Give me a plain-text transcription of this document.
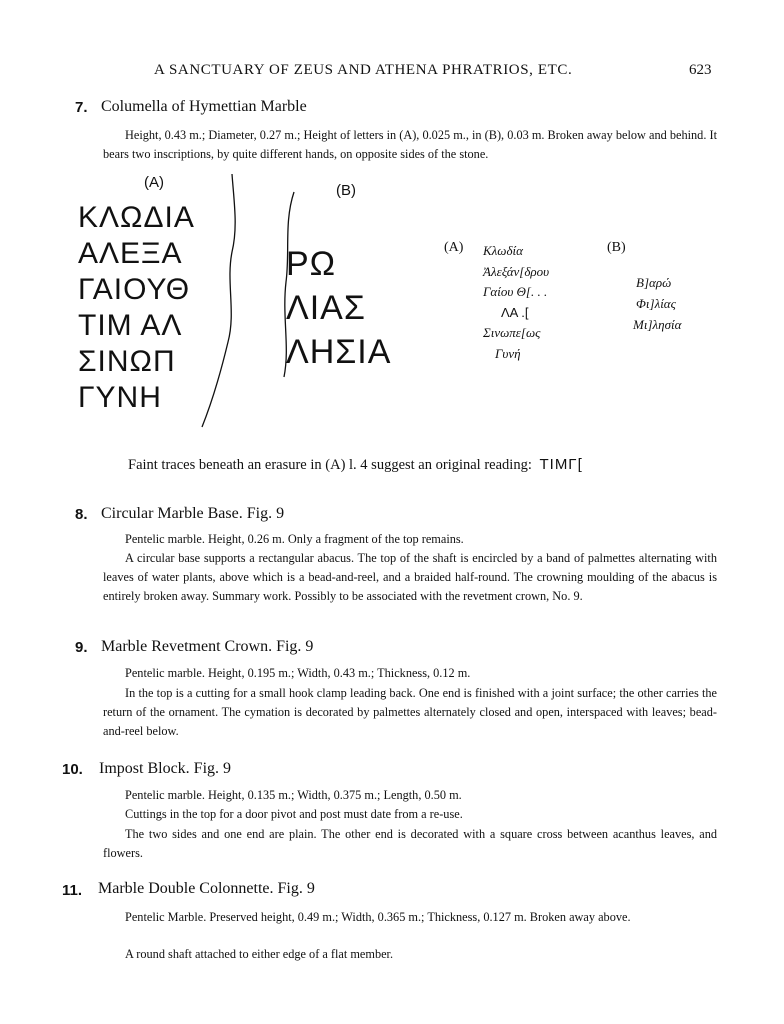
A SANCTUARY OF ZEUS AND ATHENA PHRATRIOS, ETC.	623
7. Columella of Hymettian Marble

Height, 0.43 m.; Diameter, 0.27 m.; Height of letters in (A), 0.025 m., in (B), 0.03 m. Broken away below and behind. It bears two inscriptions, by quite different hands, on opposite sides of the stone.

(A)	(B)
ΚΛΩΔΙΑ
ΑΛΕΞΑ
ΓΑΙΟΥΘ
ΤΙΜ ΑΛ
ΣΙΝΩΠ
ΓΥΝΗ
ΡΩ
ΛΙΑΣ
ΛΗΣΙΑ
(A) Κλωδία
Ἀλεξάν[δρου
Γαίου Θ[. . .
ΛΑ .[
Σινωπε[ως
Γυνή
(B)
Β]αρώ
Φι]λίας
Μι]λησία
Faint traces beneath an erasure in (A) l. 4 suggest an original reading: ΤΙΜΓ[
8. Circular Marble Base. Fig. 9

Pentelic marble. Height, 0.26 m. Only a fragment of the top remains.

A circular base supports a rectangular abacus. The top of the shaft is encircled by a band of palmettes alternating with leaves of water plants, above which is a bead-and-reel, and a braided half-round. The crowning moulding of the abacus is entirely broken away. Summary work. Possibly to be associated with the revetment crown, No. 9.

9. Marble Revetment Crown. Fig. 9

Pentelic marble. Height, 0.195 m.; Width, 0.43 m.; Thickness, 0.12 m.

In the top is a cutting for a small hook clamp leading back. One end is finished with a joint surface; the other carries the return of the ornament. The cymation is decorated by palmettes alternately closed and open, interspaced with leaves; bead-and-reel below.

10. Impost Block. Fig. 9

Pentelic marble. Height, 0.135 m.; Width, 0.375 m.; Length, 0.50 m.

Cuttings in the top for a door pivot and post must date from a re-use.

The two sides and one end are plain. The other end is decorated with a square cross between acanthus leaves, and flowers.

11. Marble Double Colonnette. Fig. 9

Pentelic Marble. Preserved height, 0.49 m.; Width, 0.365 m.; Thickness, 0.127 m. Broken away above.

A round shaft attached to either edge of a flat member.
